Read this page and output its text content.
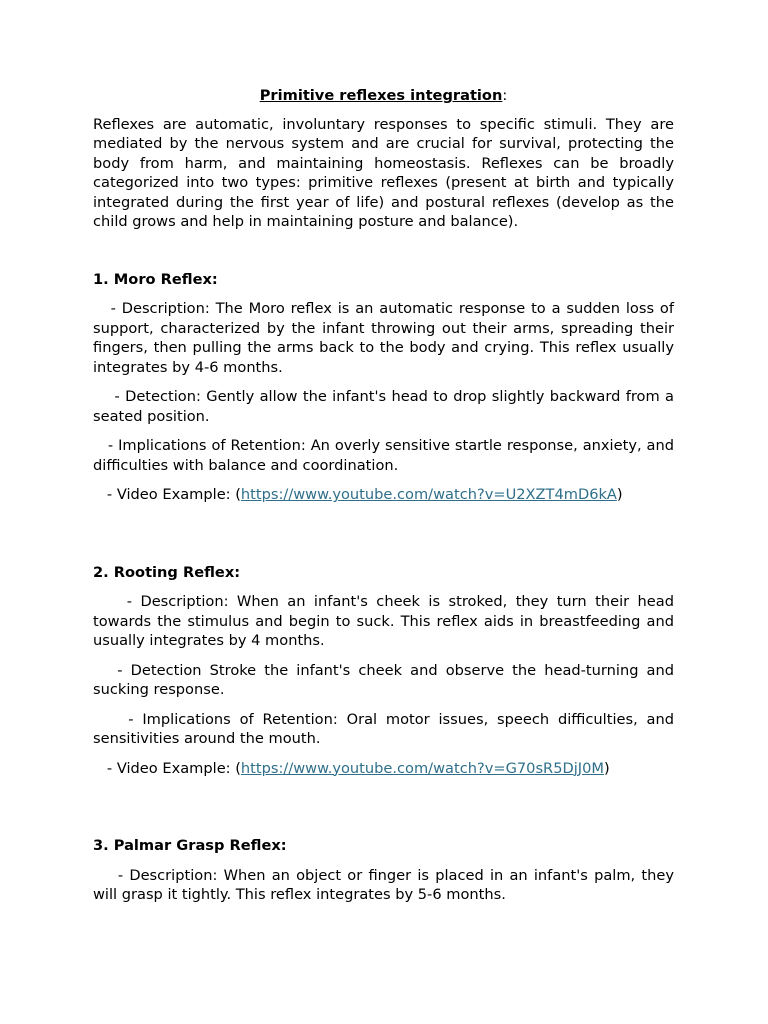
Primitive reflexes integration:

Reflexes are automatic, involuntary responses to specific stimuli. They are mediated by the nervous system and are crucial for survival, protecting the body from harm, and maintaining homeostasis. Reflexes can be broadly categorized into two types: primitive reflexes (present at birth and typically integrated during the first year of life) and postural reflexes (develop as the child grows and help in maintaining posture and balance).

1. Moro Reflex:

- Description: The Moro reflex is an automatic response to a sudden loss of support, characterized by the infant throwing out their arms, spreading their fingers, then pulling the arms back to the body and crying. This reflex usually integrates by 4-6 months.

- Detection: Gently allow the infant's head to drop slightly backward from a seated position.

- Implications of Retention: An overly sensitive startle response, anxiety, and difficulties with balance and coordination.

- Video Example: (https://www.youtube.com/watch?v=U2XZT4mD6kA)

2. Rooting Reflex:

- Description: When an infant's cheek is stroked, they turn their head towards the stimulus and begin to suck. This reflex aids in breastfeeding and usually integrates by 4 months.

- Detection Stroke the infant's cheek and observe the head-turning and sucking response.

- Implications of Retention: Oral motor issues, speech difficulties, and sensitivities around the mouth.

- Video Example: (https://www.youtube.com/watch?v=G70sR5DjJ0M)

3. Palmar Grasp Reflex:

- Description: When an object or finger is placed in an infant's palm, they will grasp it tightly. This reflex integrates by 5-6 months.
